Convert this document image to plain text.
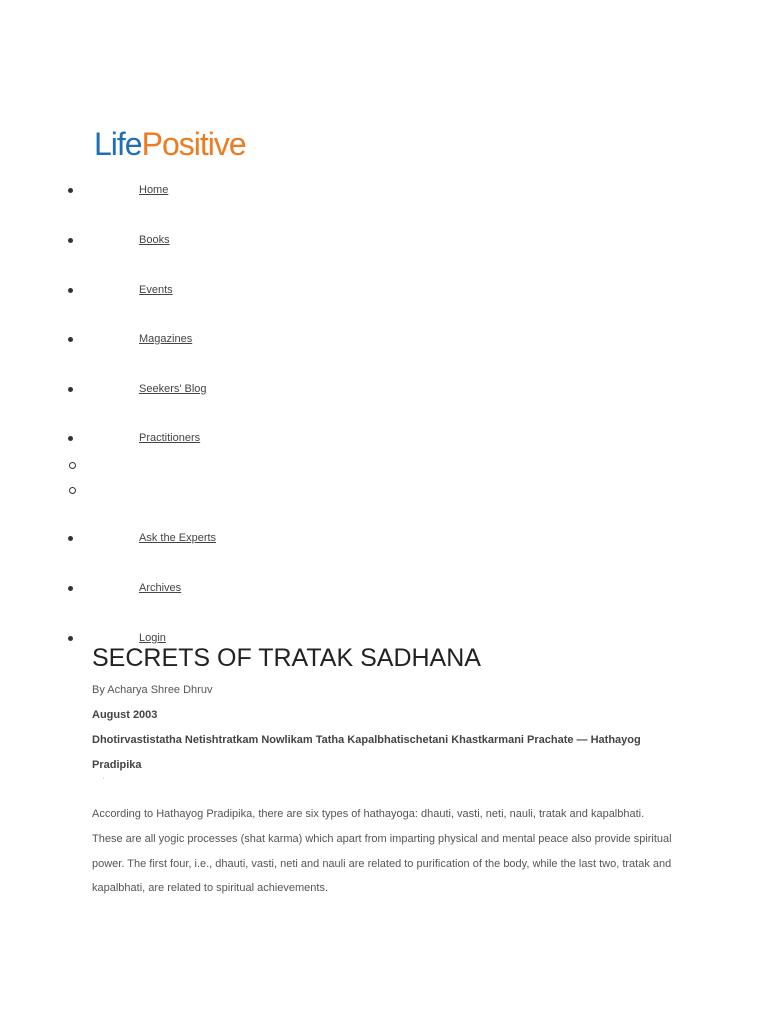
LifePositive
Home
Books
Events
Magazines
Seekers' Blog
Practitioners
Ask the Experts
Archives
Login
SECRETS OF TRATAK SADHANA
By Acharya Shree Dhruv
August 2003
Dhotirvastistatha Netishtratkam Nowlikam Tatha Kapalbhatischetani Khastkarmani Prachate — Hathayog Pradipika
'

According to Hathayog Pradipika, there are six types of hathayoga: dhauti, vasti, neti, nauli, tratak and kapalbhati. These are all yogic processes (shat karma) which apart from imparting physical and mental peace also provide spiritual power. The first four, i.e., dhauti, vasti, neti and nauli are related to purification of the body, while the last two, tratak and kapalbhati, are related to spiritual achievements.
